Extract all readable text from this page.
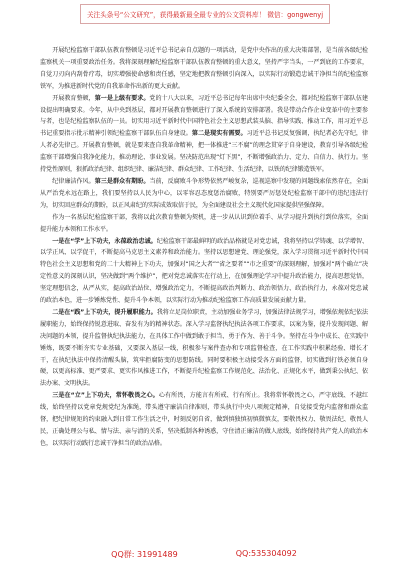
关注头条号“公文研究”，获得最新最全最专业的公文资料库！ 微信：gongwenyj

开展纪检监察干部队伍教育整顿是习近平总书记亲自点题的一项活动，是党中央作出的重大决策部署，是当前各级纪检监察机关一项重要政治任务。我将深刻理解纪检监察干部队伍教育整顿的重大意义，坚持严字当头，一严到底的工作要求，自觉刀刃向内刮骨疗毒，切实增强使命感和责任感，坚定地把教育整顿引向深入，以实际行动锻造忠诚干净担当的纪检监察铁军，为推进新时代党的自我革命作出新的更大贡献。

开展教育整顿，第一是上级有要求。党的十八大以来，习近平总书记每年出席中央纪委全会，都对纪检监察干部队伍建设提出明确要求。今年，从中央到基层，都对开展教育整顿进行了深入系统的安排部署。我是带动合作企业变革中的主要参与者，也是纪检监察队伍的一员。切实用习近平新时代中国特色社会主义思想武装头脑、指导实践、推动工作，用习近平总书记重要指示批示精神引领纪检监察干部队伍自身建设。第二是现实有需要。习近平总书记反复强调，执纪者必先守纪，律人者必先律己。开展教育整顿，就是要来查自我革命精神，把一体推进“三不腐”的理念贯穿于自身建设，教育引导各级纪检监察干部增强自我净化能力，推动理论、事业发展。坚决防范出现“灯下黑”，不断增强政治力、定力、自信力、执行力。坚持党性原则，狠抓政治纪律、组织纪律、廉洁纪律、群众纪律、工作纪律、生活纪律，以铁的纪律锻造铁军。

纪律廉洁作风。第三是群众有期盼。当前，反腐败斗争形势依然严峻复杂，巡视巡察中发现的问题线索依然存在，全面从严治党永远在路上，我们要坚持以人民为中心，以零容忍态度惩治腐败，特别要严厉惩处纪检监察干部中的违纪违法行为，切实回应群众的期盼，以正风肃纪的实际成效取信于民，为全面建设社会主义现代化国家提供坚强保障。

作为一名基层纪检监察干部，我将以此次教育整顿为契机，进一步从认识到位着手、从学习提升到执行到位落实，全面提升能力本领和工作水平。

一是在“学”上下功夫，永葆政治忠诚。纪检监察干部最鲜明的政治品格就是对党忠诚，我将坚持以学铸魂、以学增智、以学正风、以学促干，不断提高马克思主义素养和政治能力。坚持以思想建党、理论强党，深入学习贯彻习近平新时代中国特色社会主义思想和党的二十大精神上下功夫，加强对“国之大者”“省之要者”“市之重要”的深刻理解，加强对“两个确立”决定性意义的深刻认识，坚决做到“两个维护”，把对党忠诚落实在行动上，在加强理论学习中提升政治能力，提高思想觉悟，坚定理想信念，从严从实，提高政治站位、增强政治定力，不断提高政治判断力、政治领悟力、政治执行力，永葆对党忠诚的政治本色，进一步锤炼党性、提升斗争本领，以实际行动为推动纪检监察工作高质量发展贡献力量。

二是在“践”上下功夫，提升履职能力。我将立足岗位职责，主动加强业务学习，加强法律法规学习，增强依规依纪依法履职能力，始终保持锐意进取、奋发有为的精神状态。深入学习监督执纪执法各项工作要求，以案为鉴，提升发现问题、解决问题的本领，提升监督执纪执法能力，在具体工作中做到敢于担当、勇于作为、善于斗争。坚持在斗争中成长、在实践中锤炼，既要不断夯实专业基础，又要深入基层一线，积极参与案件查办和专项监督检查，在工作实践中积累经验、增长才干，在执纪执法中保持清醒头脑，筑牢拒腐防变的思想防线。同时要积极主动接受各方面的监督，切实做到打铁必须自身硬，以更高标准、更严要求、更实作风推进工作，不断提升纪检监察工作规范化、法治化、正规化水平，做到秉公执纪、依法办案、文明执法。

三是在“立”上下功夫，常怀敬畏之心。心有所畏，方能言有所戒、行有所止。我将常怀敬畏之心，严守底线、不越红线，始终坚持以党章党规党纪为准绳，带头遵守廉洁自律准则，带头执行中央八项规定精神，自觉接受党内监督和群众监督，把纪律规矩的约束融入到日常工作生活之中，时刻反躬自省，做到慎独慎初慎微慎友，要敬畏权力、敬畏法纪、敬畏人民，正确处理公与私、情与法、亲与清的关系，坚决抵制各种诱惑，守住清正廉洁的做人底线，始终保持共产党人的政治本色，以实际行动践行忠诚干净担当的政治品格。

QQ群: 31991489	QQ:535304092
